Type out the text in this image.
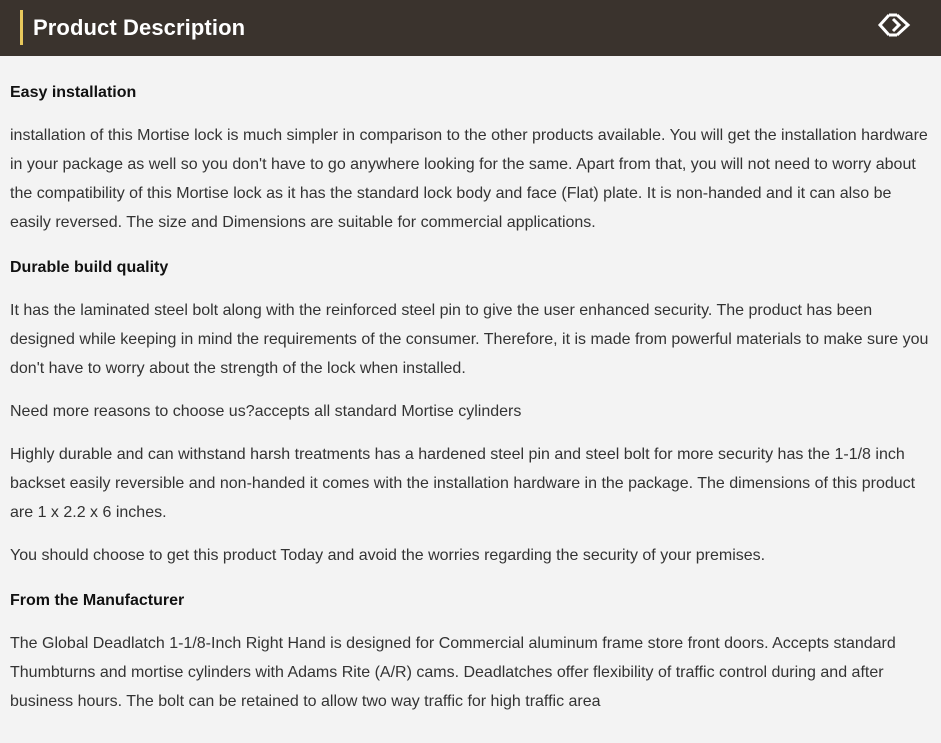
Product Description
Easy installation

installation of this Mortise lock is much simpler in comparison to the other products available. You will get the installation hardware in your package as well so you don't have to go anywhere looking for the same. Apart from that, you will not need to worry about the compatibility of this Mortise lock as it has the standard lock body and face (Flat) plate. It is non-handed and it can also be easily reversed. The size and Dimensions are suitable for commercial applications.

Durable build quality

It has the laminated steel bolt along with the reinforced steel pin to give the user enhanced security. The product has been designed while keeping in mind the requirements of the consumer. Therefore, it is made from powerful materials to make sure you don't have to worry about the strength of the lock when installed.

Need more reasons to choose us?accepts all standard Mortise cylinders

Highly durable and can withstand harsh treatments has a hardened steel pin and steel bolt for more security has the 1-1/8 inch backset easily reversible and non-handed it comes with the installation hardware in the package. The dimensions of this product are 1 x 2.2 x 6 inches.

You should choose to get this product Today and avoid the worries regarding the security of your premises.

From the Manufacturer

The Global Deadlatch 1-1/8-Inch Right Hand is designed for Commercial aluminum frame store front doors. Accepts standard Thumbturns and mortise cylinders with Adams Rite (A/R) cams. Deadlatches offer flexibility of traffic control during and after business hours. The bolt can be retained to allow two way traffic for high traffic area
